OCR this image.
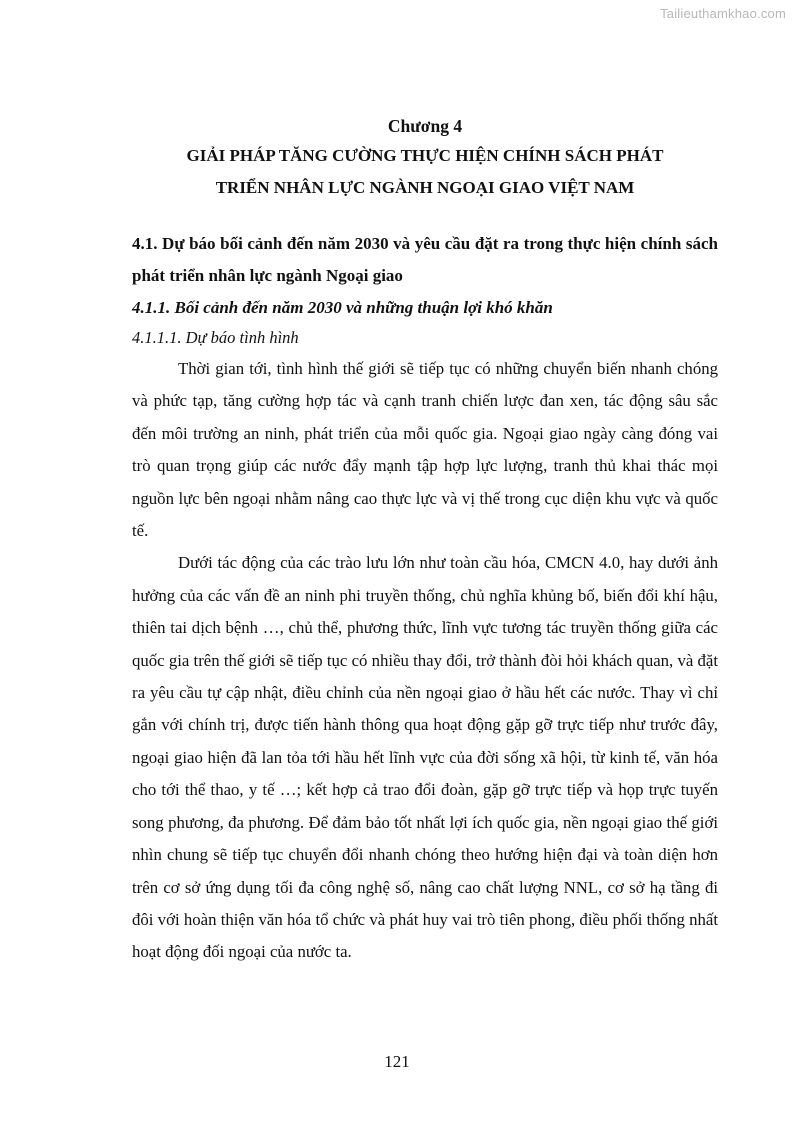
Tailieuthamkhao.com

Chương 4

GIẢI PHÁP TĂNG CƯỜNG THỰC HIỆN CHÍNH SÁCH PHÁT

TRIỂN NHÂN LỰC NGÀNH NGOẠI GIAO VIỆT NAM

4.1. Dự báo bối cảnh đến năm 2030 và yêu cầu đặt ra trong thực hiện chính sách phát triển nhân lực ngành Ngoại giao

4.1.1. Bối cảnh đến năm 2030 và những thuận lợi khó khăn

4.1.1.1. Dự báo tình hình

Thời gian tới, tình hình thế giới sẽ tiếp tục có những chuyển biến nhanh chóng và phức tạp, tăng cường hợp tác và cạnh tranh chiến lược đan xen, tác động sâu sắc đến môi trường an ninh, phát triển của mỗi quốc gia. Ngoại giao ngày càng đóng vai trò quan trọng giúp các nước đẩy mạnh tập hợp lực lượng, tranh thủ khai thác mọi nguồn lực bên ngoại nhằm nâng cao thực lực và vị thế trong cục diện khu vực và quốc tế.

Dưới tác động của các trào lưu lớn như toàn cầu hóa, CMCN 4.0, hay dưới ảnh hưởng của các vấn đề an ninh phi truyền thống, chủ nghĩa khủng bố, biến đổi khí hậu, thiên tai dịch bệnh …, chủ thể, phương thức, lĩnh vực tương tác truyền thống giữa các quốc gia trên thế giới sẽ tiếp tục có nhiều thay đổi, trở thành đòi hỏi khách quan, và đặt ra yêu cầu tự cập nhật, điều chỉnh của nền ngoại giao ở hầu hết các nước. Thay vì chỉ gắn với chính trị, được tiến hành thông qua hoạt động gặp gỡ trực tiếp như trước đây, ngoại giao hiện đã lan tỏa tới hầu hết lĩnh vực của đời sống xã hội, từ kinh tế, văn hóa cho tới thể thao, y tế …; kết hợp cả trao đổi đoàn, gặp gỡ trực tiếp và họp trực tuyến song phương, đa phương. Để đảm bảo tốt nhất lợi ích quốc gia, nền ngoại giao thế giới nhìn chung sẽ tiếp tục chuyển đổi nhanh chóng theo hướng hiện đại và toàn diện hơn trên cơ sở ứng dụng tối đa công nghệ số, nâng cao chất lượng NNL, cơ sở hạ tầng đi đôi với hoàn thiện văn hóa tổ chức và phát huy vai trò tiên phong, điều phối thống nhất hoạt động đối ngoại của nước ta.

121
